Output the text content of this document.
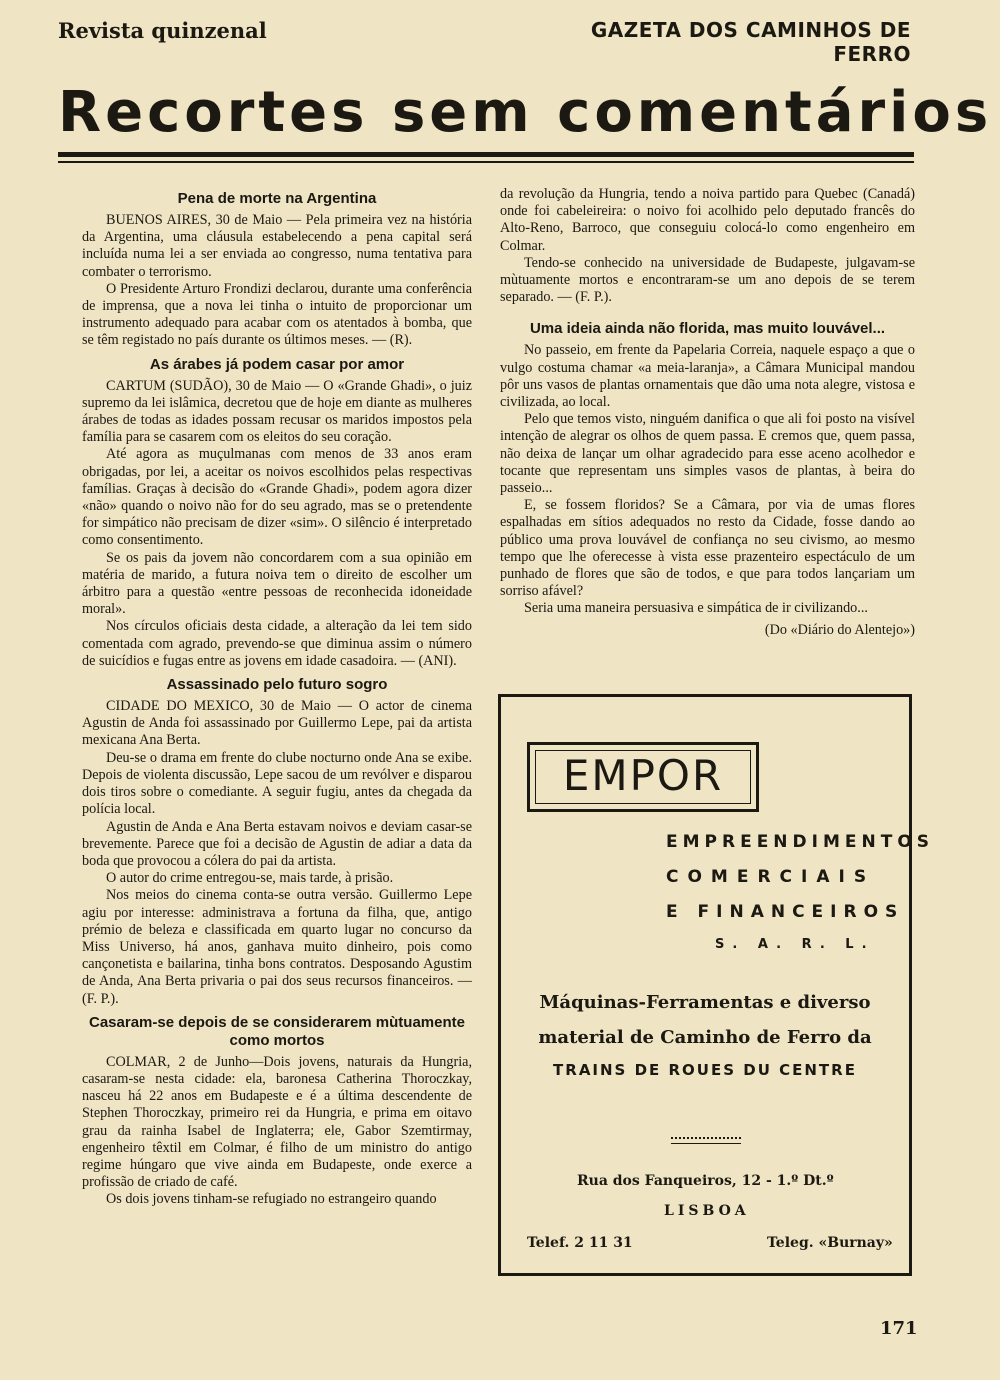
Revista quinzenal	GAZETA DOS CAMINHOS DE FERRO
Recortes sem comentários
Pena de morte na Argentina

BUENOS AIRES, 30 de Maio — Pela primeira vez na história da Argentina, uma cláusula estabelecendo a pena capital será incluída numa lei a ser enviada ao congresso, numa tentativa para combater o terrorismo.

O Presidente Arturo Frondizi declarou, durante uma conferência de imprensa, que a nova lei tinha o intuito de proporcionar um instrumento adequado para acabar com os atentados à bomba, que se têm registado no país durante os últimos meses. — (R).

As árabes já podem casar por amor

CARTUM (SUDÃO), 30 de Maio — O «Grande Ghadi», o juiz supremo da lei islâmica, decretou que de hoje em diante as mulheres árabes de todas as idades possam recusar os maridos impostos pela família para se casarem com os eleitos do seu coração.

Até agora as muçulmanas com menos de 33 anos eram obrigadas, por lei, a aceitar os noivos escolhidos pelas respectivas famílias. Graças à decisão do «Grande Ghadi», podem agora dizer «não» quando o noivo não for do seu agrado, mas se o pretendente for simpático não precisam de dizer «sim». O silêncio é interpretado como consentimento.

Se os pais da jovem não concordarem com a sua opinião em matéria de marido, a futura noiva tem o direito de escolher um árbitro para a questão «entre pessoas de reconhecida idoneidade moral».

Nos círculos oficiais desta cidade, a alteração da lei tem sido comentada com agrado, prevendo-se que diminua assim o número de suicídios e fugas entre as jovens em idade casadoira. — (ANI).

Assassinado pelo futuro sogro

CIDADE DO MEXICO, 30 de Maio — O actor de cinema Agustin de Anda foi assassinado por Guillermo Lepe, pai da artista mexicana Ana Berta.

Deu-se o drama em frente do clube nocturno onde Ana se exibe. Depois de violenta discussão, Lepe sacou de um revólver e disparou dois tiros sobre o comediante. A seguir fugiu, antes da chegada da polícia local.

Agustin de Anda e Ana Berta estavam noivos e deviam casar-se brevemente. Parece que foi a decisão de Agustin de adiar a data da boda que provocou a cólera do pai da artista.

O autor do crime entregou-se, mais tarde, à prisão.

Nos meios do cinema conta-se outra versão. Guillermo Lepe agiu por interesse: administrava a fortuna da filha, que, antigo prémio de beleza e classificada em quarto lugar no concurso da Miss Universo, há anos, ganhava muito dinheiro, pois como cançonetista e bailarina, tinha bons contratos. Desposando Agustim de Anda, Ana Berta privaria o pai dos seus recursos financeiros. — (F. P.).

Casaram-se depois de se considerarem mùtuamente como mortos

COLMAR, 2 de Junho—Dois jovens, naturais da Hungria, casaram-se nesta cidade: ela, baronesa Catherina Thoroczkay, nasceu há 22 anos em Budapeste e é a última descendente de Stephen Thoroczkay, primeiro rei da Hungria, e prima em oitavo grau da rainha Isabel de Inglaterra; ele, Gabor Szemtirmay, engenheiro têxtil em Colmar, é filho de um ministro do antigo regime húngaro que vive ainda em Budapeste, onde exerce a profissão de criado de café.

Os dois jovens tinham-se refugiado no estrangeiro quando

da revolução da Hungria, tendo a noiva partido para Quebec (Canadá) onde foi cabeleireira: o noivo foi acolhido pelo deputado francês do Alto-Reno, Barroco, que conseguiu colocá-lo como engenheiro em Colmar.

Tendo-se conhecido na universidade de Budapeste, julgavam-se mùtuamente mortos e encontraram-se um ano depois de se terem separado. — (F. P.).

Uma ideia ainda não florida, mas muito louvável...

No passeio, em frente da Papelaria Correia, naquele espaço a que o vulgo costuma chamar «a meia-laranja», a Câmara Municipal mandou pôr uns vasos de plantas ornamentais que dão uma nota alegre, vistosa e civilizada, ao local.

Pelo que temos visto, ninguém danifica o que ali foi posto na visível intenção de alegrar os olhos de quem passa. E cremos que, quem passa, não deixa de lançar um olhar agradecido para esse aceno acolhedor e tocante que representam uns simples vasos de plantas, à beira do passeio...

E, se fossem floridos? Se a Câmara, por via de umas flores espalhadas em sítios adequados no resto da Cidade, fosse dando ao público uma prova louvável de confiança no seu civismo, ao mesmo tempo que lhe oferecesse à vista esse prazenteiro espectáculo de um punhado de flores que são de todos, e que para todos lançariam um sorriso afável?

Seria uma maneira persuasiva e simpática de ir civilizando...

(Do «Diário do Alentejo»)

EMPOR
EMPREENDIMENTOS
COMERCIAIS
E FINANCEIROS
S. A. R. L.
Máquinas-Ferramentas e diverso
material de Caminho de Ferro da
TRAINS DE ROUES DU CENTRE
Rua dos Fanqueiros, 12 - 1.º Dt.º
LISBOA
Telef. 2 11 31	Teleg. «Burnay»
171
